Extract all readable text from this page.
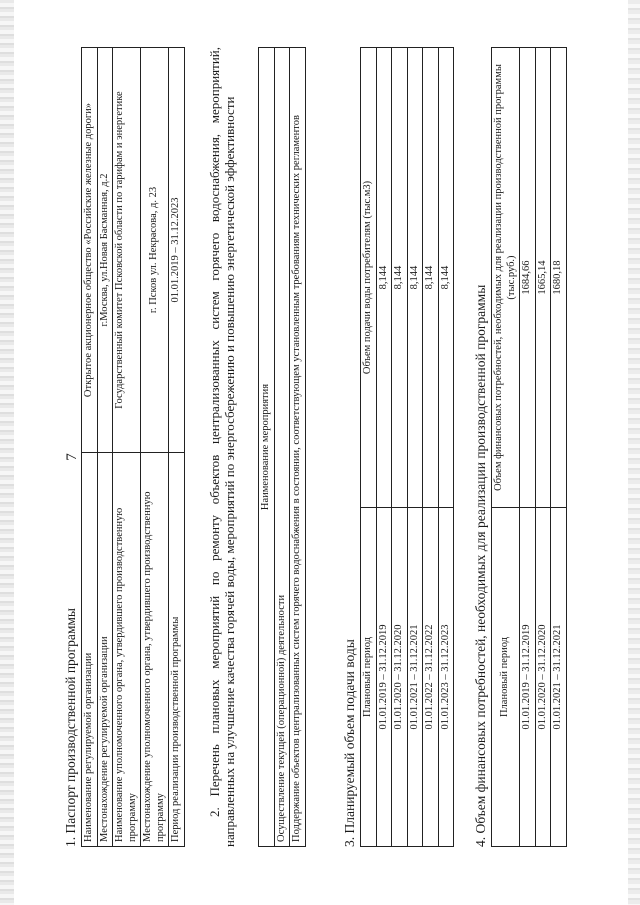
7
1. Паспорт производственной программы Наименование регулируемой организации	Открытое акционерное общество «Российские железные дороги»
Местонахождение регулируемой организации	г.Москва, ул.Новая Басманная, д.2
Наименование уполномоченного органа, утвердившего производственную программу	Государственный комитет Псковской области по тарифам и энергетике
Местонахождение уполномоченного органа, утвердившего производственную программу	г. Псков ул. Некрасова, д. 23
Период реализации производственной программы	01.01.2019 – 31.12.2023 2. Перечень плановых мероприятий по ремонту объектов централизованных систем горячего водоснабжения, мероприятий, направленных на улучшение качества горячей воды, мероприятий по энергосбережению и повышению энергетической эффективности Наименование мероприятия
Осуществление текущей (операционной) деятельности
Поддержание объектов централизованных систем горячего водоснабжения в состоянии, соответствующем установленным требованиям технических регламентов	3. Планируемый объем подачи воды Плановый период	Объем подачи воды потребителям (тыс.м3)
01.01.2019 – 31.12.2019	8,144
01.01.2020 – 31.12.2020	8,144
01.01.2021 – 31.12.2021	8,144
01.01.2022 – 31.12.2022	8,144
01.01.2023 – 31.12.2023	8,144
4. Объем финансовых потребностей, необходимых для реализации производственной программы Плановый период	Объем финансовых потребностей, необходимых для реализации производственной программы (тыс.руб.)
01.01.2019 – 31.12.2019	1684,66
01.01.2020 – 31.12.2020	1665,14
01.01.2021 – 31.12.2021	1680,18
